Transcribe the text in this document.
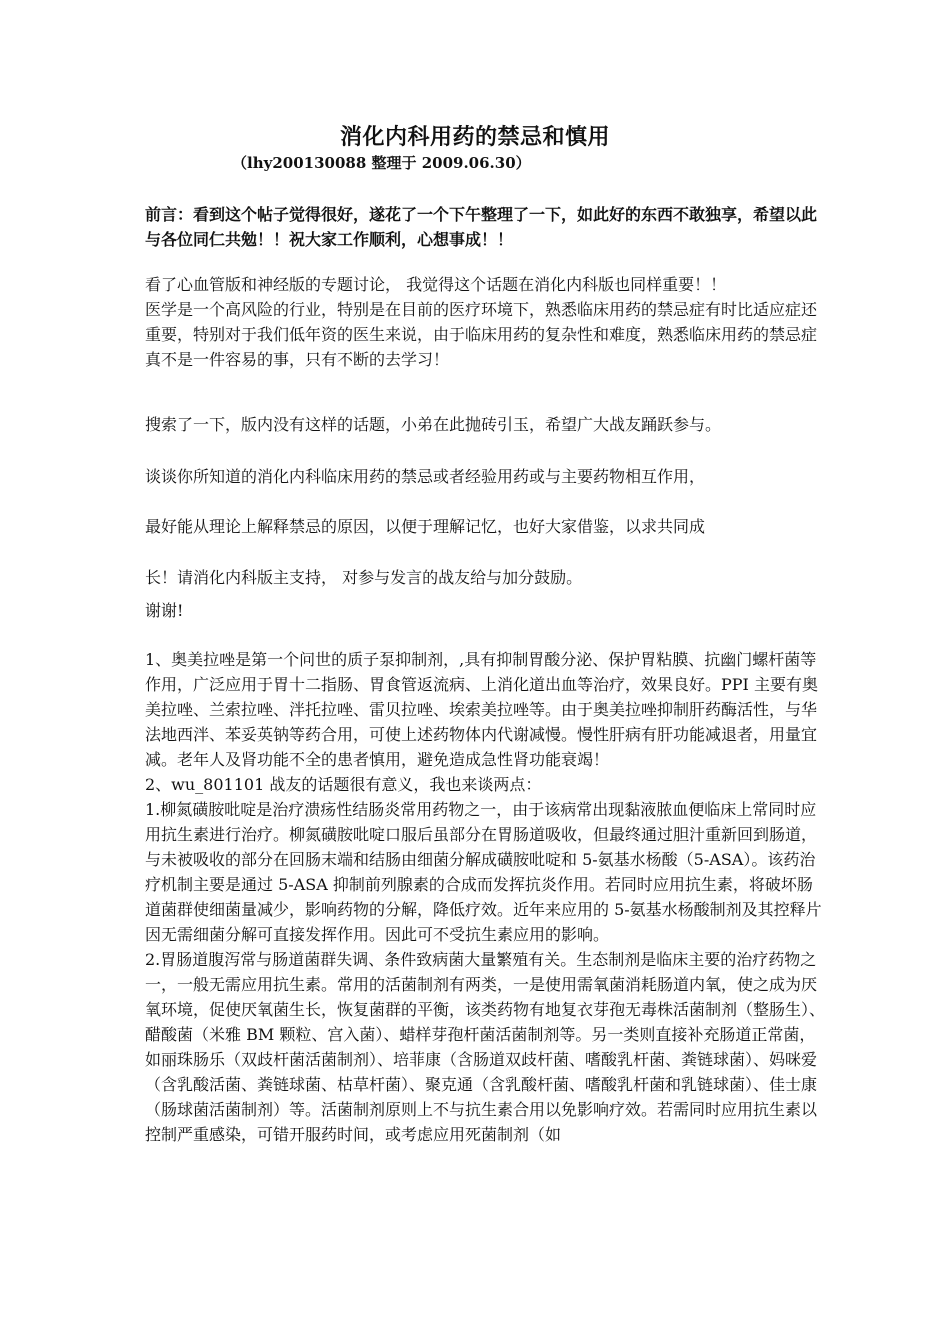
消化内科用药的禁忌和慎用
（lhy200130088 整理于 2009.06.30）
前言：看到这个帖子觉得很好，遂花了一个下午整理了一下，如此好的东西不敢独享，希望以此与各位同仁共勉！！祝大家工作顺利，心想事成！！

看了心血管版和神经版的专题讨论， 我觉得这个话题在消化内科版也同样重要！！

医学是一个高风险的行业，特别是在目前的医疗环境下，熟悉临床用药的禁忌症有时比适应症还重要，特别对于我们低年资的医生来说，由于临床用药的复杂性和难度，熟悉临床用药的禁忌症真不是一件容易的事，只有不断的去学习！

搜索了一下，版内没有这样的话题，小弟在此抛砖引玉，希望广大战友踊跃参与。
谈谈你所知道的消化内科临床用药的禁忌或者经验用药或与主要药物相互作用，
最好能从理论上解释禁忌的原因，以便于理解记忆，也好大家借鉴，以求共同成
长！请消化内科版主支持， 对参与发言的战友给与加分鼓励。
谢谢!

1、奥美拉唑是第一个问世的质子泵抑制剂，,具有抑制胃酸分泌、保护胃粘膜、抗幽门螺杆菌等作用，广泛应用于胃十二指肠、胃食管返流病、上消化道出血等治疗，效果良好。PPI 主要有奥美拉唑、兰索拉唑、泮托拉唑、雷贝拉唑、埃索美拉唑等。由于奥美拉唑抑制肝药酶活性，与华法地西泮、苯妥英钠等药合用，可使上述药物体内代谢减慢。慢性肝病有肝功能减退者，用量宜减。老年人及肾功能不全的患者慎用，避免造成急性肾功能衰竭！

2、wu_801101 战友的话题很有意义，我也来谈两点：

1.柳氮磺胺吡啶是治疗溃疡性结肠炎常用药物之一，由于该病常出现黏液脓血便临床上常同时应用抗生素进行治疗。柳氮磺胺吡啶口服后虽部分在胃肠道吸收，但最终通过胆汁重新回到肠道，与未被吸收的部分在回肠末端和结肠由细菌分解成磺胺吡啶和 5-氨基水杨酸（5-ASA）。该药治疗机制主要是通过 5-ASA 抑制前列腺素的合成而发挥抗炎作用。若同时应用抗生素，将破坏肠道菌群使细菌量减少，影响药物的分解，降低疗效。近年来应用的 5-氨基水杨酸制剂及其控释片因无需细菌分解可直接发挥作用。因此可不受抗生素应用的影响。

2.胃肠道腹泻常与肠道菌群失调、条件致病菌大量繁殖有关。生态制剂是临床主要的治疗药物之一，一般无需应用抗生素。常用的活菌制剂有两类，一是使用需氧菌消耗肠道内氧，使之成为厌氧环境，促使厌氧菌生长，恢复菌群的平衡，该类药物有地复衣芽孢无毒株活菌制剂（整肠生）、醋酸菌（米雅 BM 颗粒、宫入菌）、蜡样芽孢杆菌活菌制剂等。另一类则直接补充肠道正常菌，如丽珠肠乐（双歧杆菌活菌制剂）、培菲康（含肠道双歧杆菌、嗜酸乳杆菌、粪链球菌）、妈咪爱（含乳酸活菌、粪链球菌、枯草杆菌）、聚克通（含乳酸杆菌、嗜酸乳杆菌和乳链球菌）、佳士康（肠球菌活菌制剂）等。活菌制剂原则上不与抗生素合用以免影响疗效。若需同时应用抗生素以控制严重感染，可错开服药时间，或考虑应用死菌制剂（如
